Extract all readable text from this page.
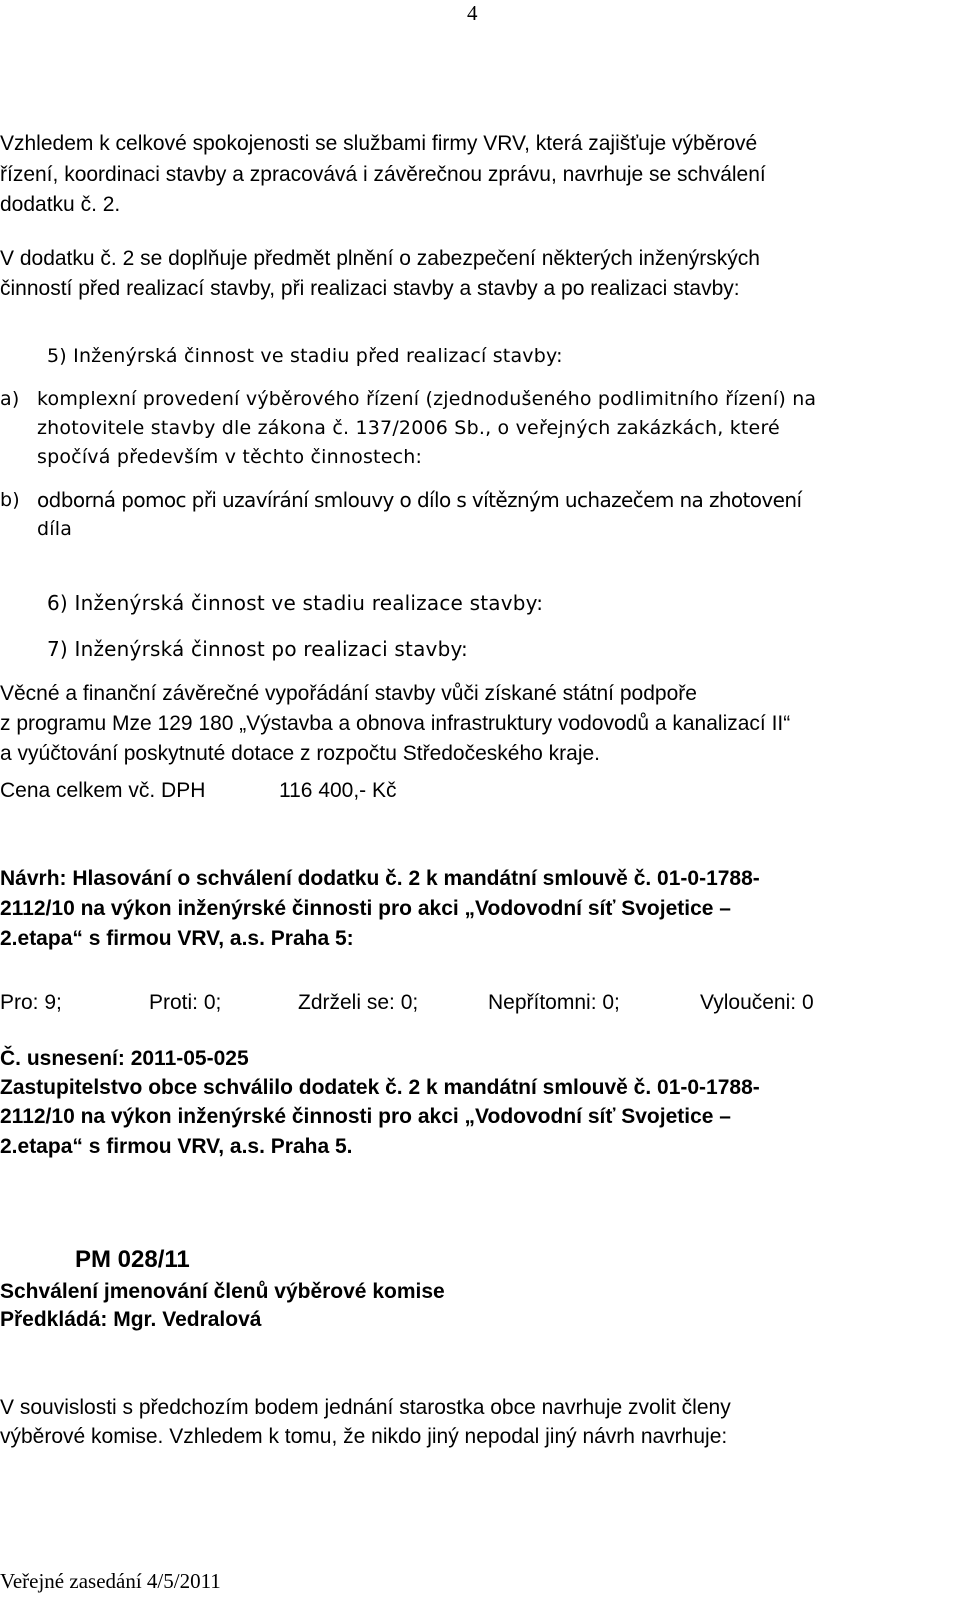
4
Vzhledem k celkové spokojenosti se službami firmy VRV, která zajišťuje výběrové
řízení, koordinaci stavby a zpracovává i závěrečnou zprávu, navrhuje se schválení
dodatku č. 2.
V dodatku č. 2 se doplňuje předmět plnění o zabezpečení některých inženýrských
činností před realizací stavby, při realizaci stavby a stavby a po realizaci stavby:
5) Inženýrská činnost ve stadiu před realizací stavby:
a) komplexní provedení výběrového řízení (zjednodušeného podlimitního řízení) na
zhotovitele stavby dle zákona č. 137/2006 Sb., o veřejných zakázkách, které
spočívá především v těchto činnostech:
b) odborná pomoc při uzavírání smlouvy o dílo s vítězným uchazečem na zhotovení
díla
6) Inženýrská činnost ve stadiu realizace stavby:
7) Inženýrská činnost po realizaci stavby:
Věcné a finanční závěrečné vypořádání stavby vůči získané státní podpoře
z programu Mze 129 180 „Výstavba a obnova infrastruktury vodovodů a kanalizací II“
a vyúčtování poskytnuté dotace z rozpočtu Středočeského kraje.
Cena celkem vč. DPH	116 400,- Kč
Návrh: Hlasování o schválení dodatku č. 2 k mandátní smlouvě č. 01-0-1788-
2112/10 na výkon inženýrské činnosti pro akci „Vodovodní síť Svojetice –
2.etapa“ s firmou VRV, a.s. Praha 5:
Pro: 9;	Proti: 0;	Zdrželi se: 0;	Nepřítomni: 0;	Vyloučeni: 0
Č. usnesení: 2011-05-025
Zastupitelstvo obce schválilo dodatek č. 2 k mandátní smlouvě č. 01-0-1788-
2112/10 na výkon inženýrské činnosti pro akci „Vodovodní síť Svojetice –
2.etapa“ s firmou VRV, a.s. Praha 5.
PM 028/11
Schválení jmenování členů výběrové komise
Předkládá: Mgr. Vedralová
V souvislosti s předchozím bodem jednání starostka obce navrhuje zvolit členy
výběrové komise. Vzhledem k tomu, že nikdo jiný nepodal jiný návrh navrhuje:
Veřejné zasedání 4/5/2011
